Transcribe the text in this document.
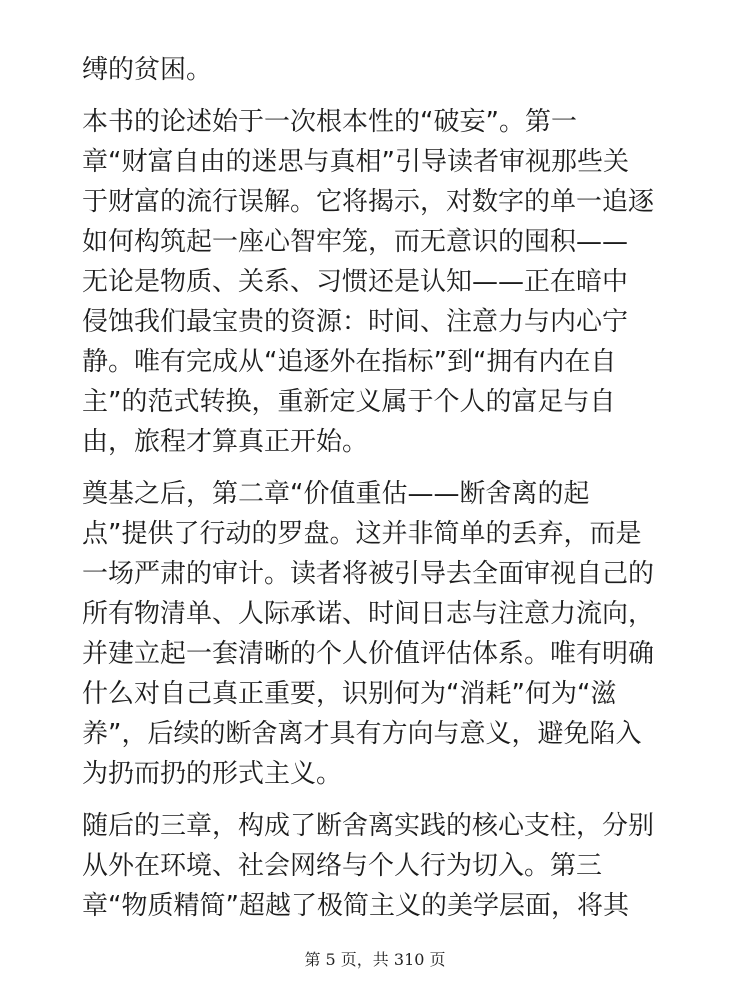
缚的贫困。
本书的论述始于一次根本性的“破妄”。第一
章“财富自由的迷思与真相”引导读者审视那些关
于财富的流行误解。它将揭示，对数字的单一追逐
如何构筑起一座心智牢笼，而无意识的囤积——
无论是物质、关系、习惯还是认知——正在暗中
侵蚀我们最宝贵的资源：时间、注意力与内心宁
静。唯有完成从“追逐外在指标”到“拥有内在自
主”的范式转换，重新定义属于个人的富足与自
由，旅程才算真正开始。
奠基之后，第二章“价值重估——断舍离的起
点”提供了行动的罗盘。这并非简单的丢弃，而是
一场严肃的审计。读者将被引导去全面审视自己的
所有物清单、人际承诺、时间日志与注意力流向，
并建立起一套清晰的个人价值评估体系。唯有明确
什么对自己真正重要，识别何为“消耗”何为“滋
养”，后续的断舍离才具有方向与意义，避免陷入
为扔而扔的形式主义。
随后的三章，构成了断舍离实践的核心支柱，分别
从外在环境、社会网络与个人行为切入。第三
章“物质精简”超越了极简主义的美学层面，将其
第 5 页，共 310 页
